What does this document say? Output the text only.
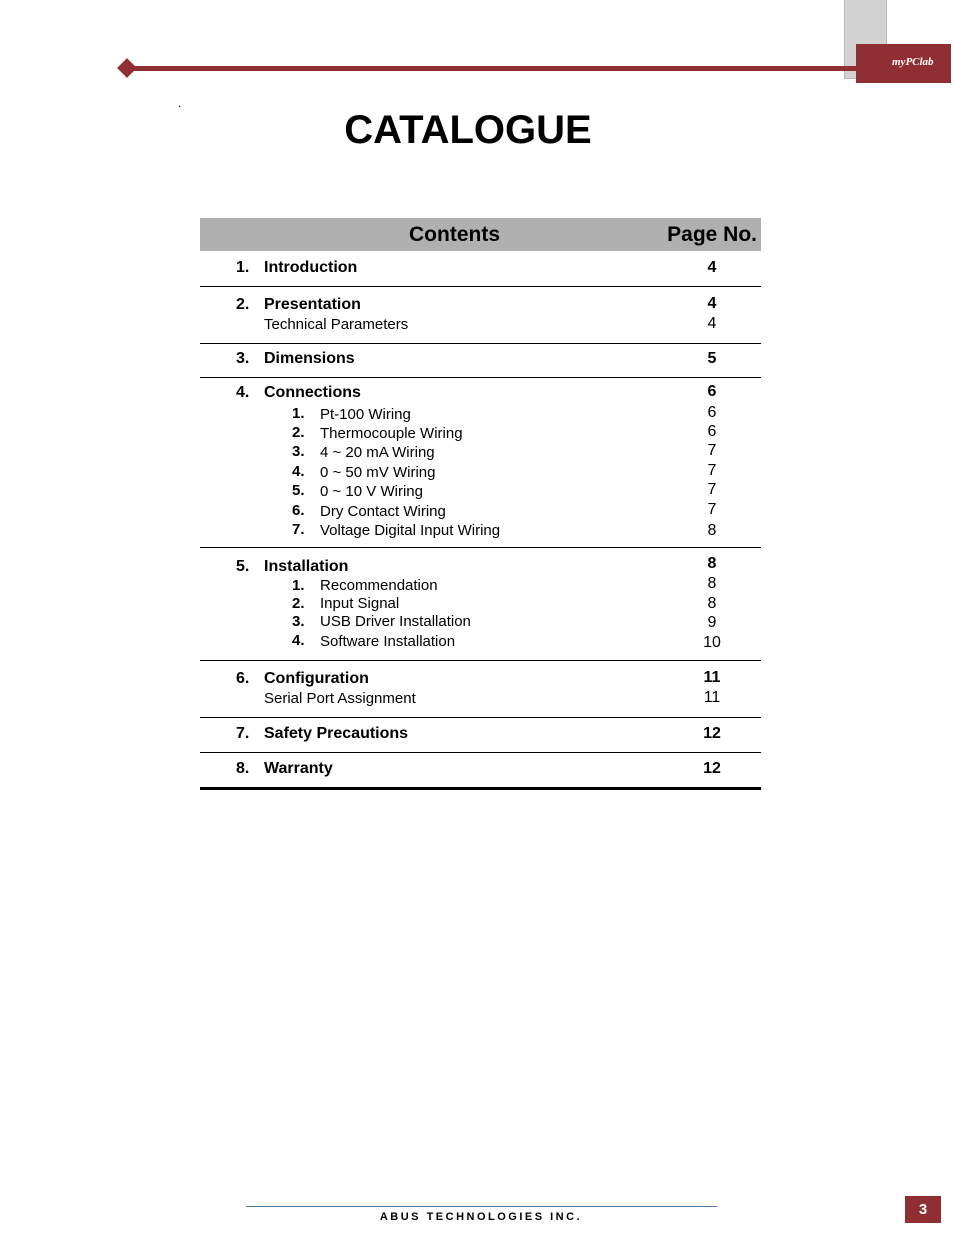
myPClab
.
CATALOGUE
Contents	Page No.
1. Introduction	4
2. Presentation	4
Technical Parameters	4
3. Dimensions	5
4. Connections	6
1. Pt-100 Wiring	6
2. Thermocouple Wiring	6
3. 4 ~ 20 mA Wiring	7
4. 0 ~ 50 mV Wiring	7
5. 0 ~ 10 V Wiring	7
6. Dry Contact Wiring	7
7. Voltage Digital Input Wiring	8
5. Installation	8
1. Recommendation	8
2. Input Signal	8
3. USB Driver Installation	9
4. Software Installation	10
6. Configuration	11
Serial Port Assignment	11
7. Safety Precautions	12
8. Warranty	12
ABUS TECHNOLOGIES INC.	3
